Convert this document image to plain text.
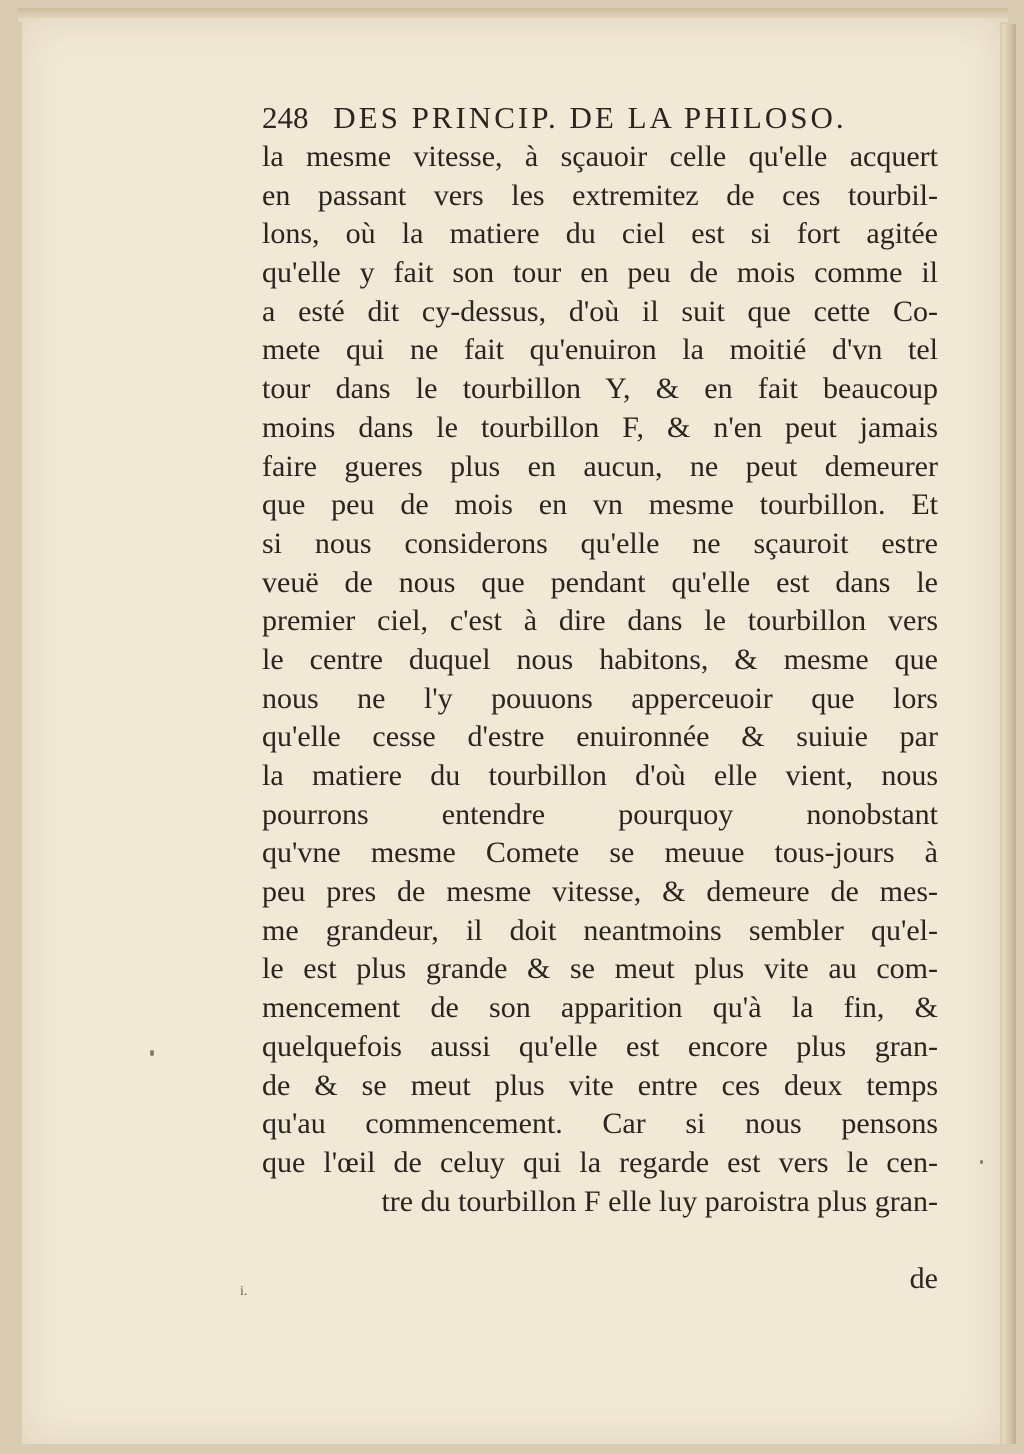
248 DES PRINCIP. DE LA PHILOSO.
la mesme vitesse, à sçauoir celle qu'elle acquert
en passant vers les extremitez de ces tourbil-
lons, où la matiere du ciel est si fort agitée
qu'elle y fait son tour en peu de mois comme il
a esté dit cy-dessus, d'où il suit que cette Co-
mete qui ne fait qu'enuiron la moitié d'vn tel
tour dans le tourbillon Y, & en fait beaucoup
moins dans le tourbillon F, & n'en peut jamais
faire gueres plus en aucun, ne peut demeurer
que peu de mois en vn mesme tourbillon. Et
si nous considerons qu'elle ne sçauroit estre
veuë de nous que pendant qu'elle est dans le
premier ciel, c'est à dire dans le tourbillon vers
le centre duquel nous habitons, & mesme que
nous ne l'y pouuons apperceuoir que lors
qu'elle cesse d'estre enuironnée & suiuie par
la matiere du tourbillon d'où elle vient, nous
pourrons entendre pourquoy nonobstant
qu'vne mesme Comete se meuue tous-jours à
peu pres de mesme vitesse, & demeure de mes-
me grandeur, il doit neantmoins sembler qu'el-
le est plus grande & se meut plus vite au com-
mencement de son apparition qu'à la fin, &
quelquefois aussi qu'elle est encore plus gran-
de & se meut plus vite entre ces deux temps
qu'au commencement. Car si nous pensons
que l'œil de celuy qui la regarde est vers le cen-
tre du tourbillon F elle luy paroistra plus gran-
de
i.
